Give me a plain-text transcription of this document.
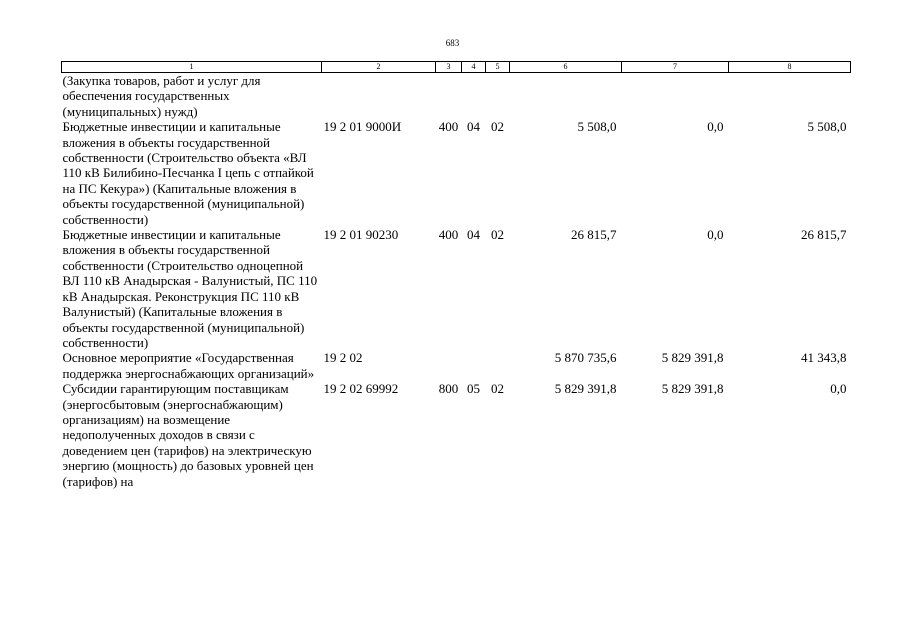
683
1	2	3	4	5	6	7	8
(Закупка товаров, работ и услуг для обеспечения государственных (муниципальных) нужд)							
Бюджетные инвестиции и капитальные вложения в объекты государственной собственности (Строительство объекта «ВЛ 110 кВ Билибино-Песчанка I цепь с отпайкой на ПС Кекура») (Капитальные вложения в объекты государственной (муниципальной) собственности)	19 2 01 9000И	400	04	02	5 508,0	0,0	5 508,0
Бюджетные инвестиции и капитальные вложения в объекты государственной собственности (Строительство одноцепной ВЛ 110 кВ Анадырская - Валунистый, ПС 110 кВ Анадырская. Реконструкция ПС 110 кВ Валунистый) (Капитальные вложения в объекты государственной (муниципальной) собственности)	19 2 01 90230	400	04	02	26 815,7	0,0	26 815,7
Основное мероприятие «Государственная поддержка энергоснабжающих организаций»	19 2 02				5 870 735,6	5 829 391,8	41 343,8
Субсидии гарантирующим поставщикам (энергосбытовым (энергоснабжающим) организациям) на возмещение недополученных доходов в связи с доведением цен (тарифов) на электрическую энергию (мощность) до базовых уровней цен (тарифов) на	19 2 02 69992	800	05	02	5 829 391,8	5 829 391,8	0,0
